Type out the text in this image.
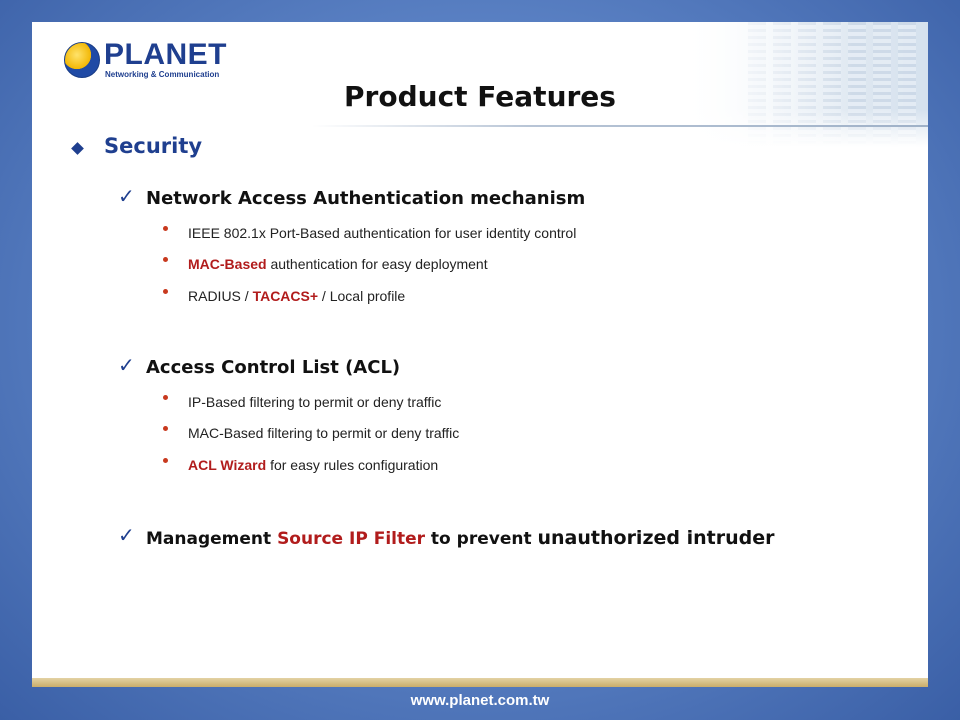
PLANET
Networking & Communication
Product Features
Security
✓ Network Access Authentication mechanism
IEEE 802.1x Port-Based authentication for user identity control
MAC-Based authentication for easy deployment
RADIUS / TACACS+ / Local profile
✓ Access Control List (ACL)
IP-Based filtering to permit or deny traffic
MAC-Based filtering to permit or deny traffic
ACL Wizard for easy rules configuration
✓ Management Source IP Filter to prevent unauthorized intruder
www.planet.com.tw
